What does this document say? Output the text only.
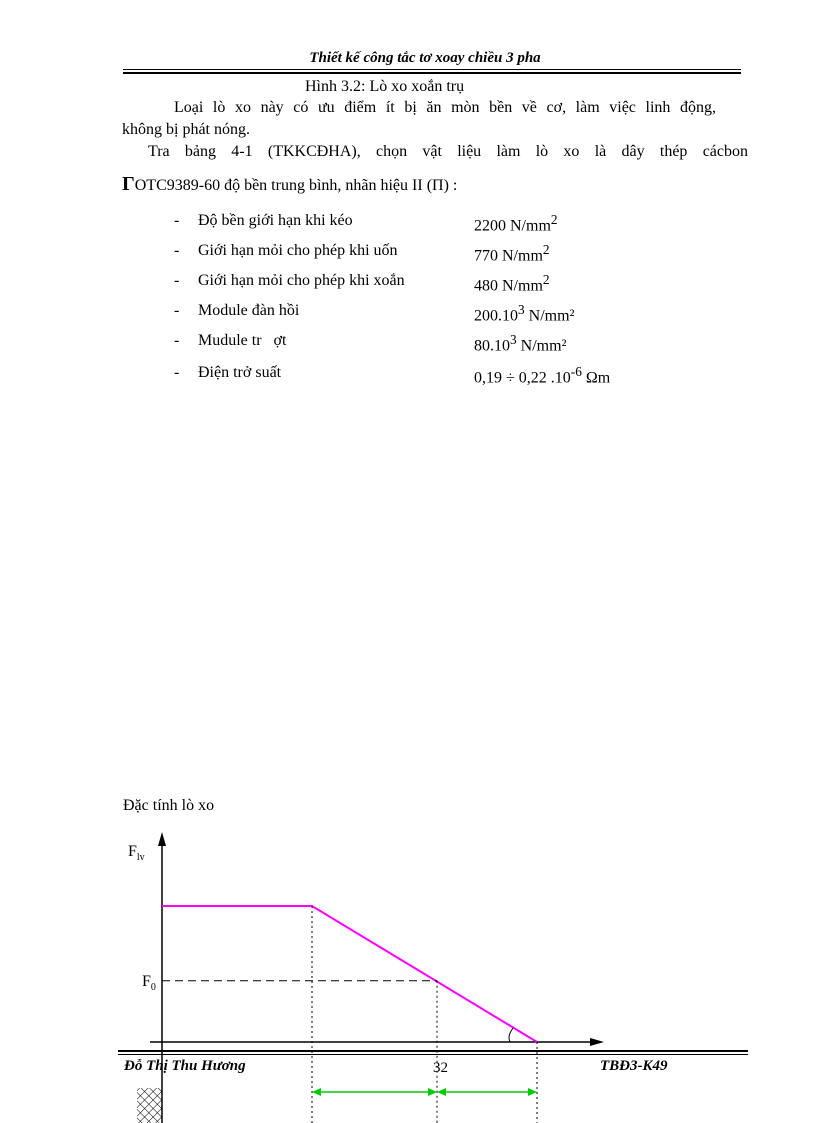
Thiết kế công tắc tơ xoay chiều 3 pha
Hình 3.2: Lò xo xoắn trụ
Loại lò xo này có ưu điểm ít bị ăn mòn bền về cơ, làm việc linh động,
không bị phát nóng.
Tra bảng 4-1 (TKKCĐHA), chọn vật liệu làm lò xo là dây thép cácbon
ΓOTC9389-60 độ bền trung bình, nhãn hiệu II (П) :
- Độ bền giới hạn khi kéo	2200 $N/mm^2$
- Giới hạn mỏi cho phép khi uốn	770 $N/mm^2$
- Giới hạn mỏi cho phép khi xoắn	480 $N/mm^2$
- Module đàn hồi	200.10$^3$ N/mm²
- Mudule tr   ợt	80.10$^3$ N/mm²
- Điện trở suất	0,19 ÷ 0,22 $.10^{-6}$ Ωm
Đặc tính lò xo
$F_{lv}$
$F_0$
32
Đỗ Thị Thu Hương	TBĐ3-K49
